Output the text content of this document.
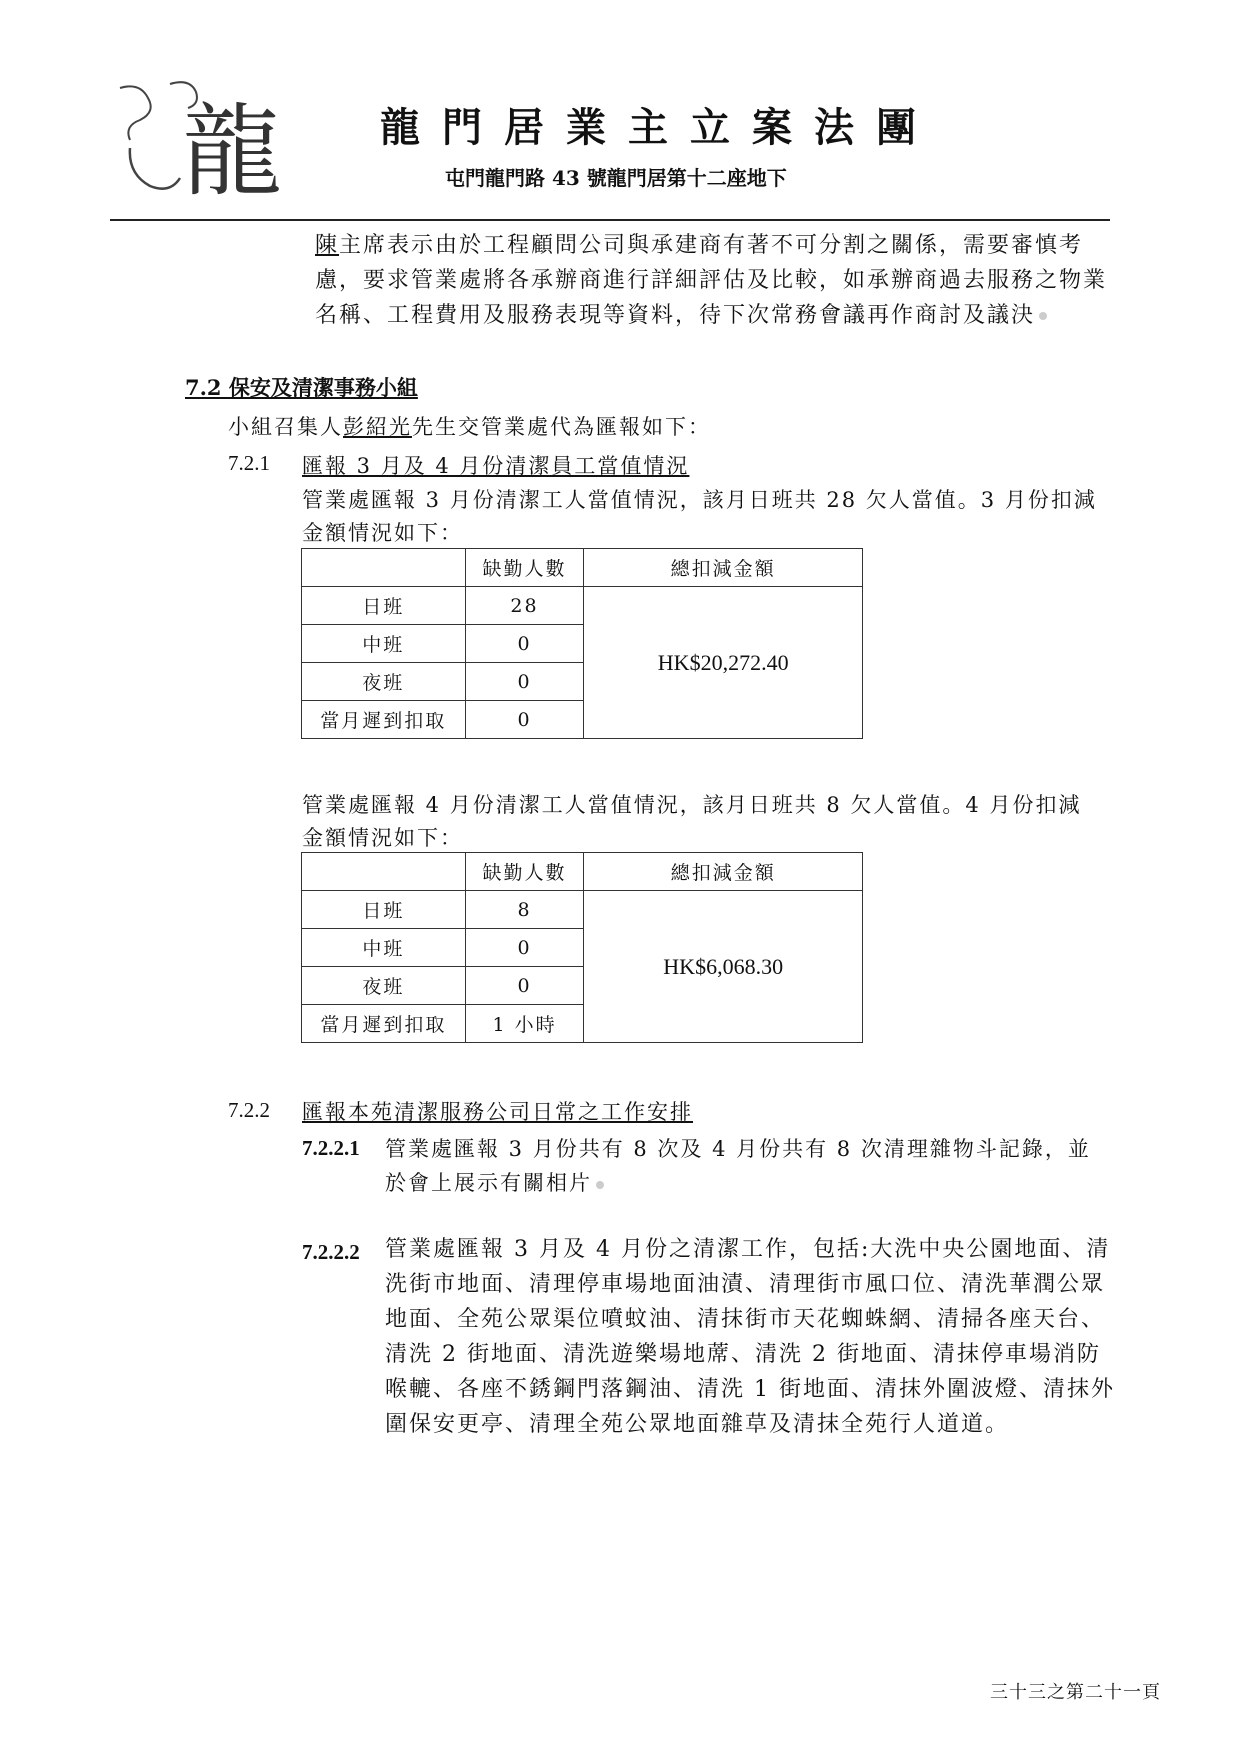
龍 龍門居業主立案法團
屯門龍門路 43 號龍門居第十二座地下
陳主席表示由於工程顧問公司與承建商有著不可分割之關係，需要審慎考慮，要求管業處將各承辦商進行詳細評估及比較，如承辦商過去服務之物業名稱、工程費用及服務表現等資料，待下次常務會議再作商討及議決
7.2 保安及清潔事務小組
小組召集人彭紹光先生交管業處代為匯報如下：
7.2.1 匯報 3 月及 4 月份清潔員工當值情況
管業處匯報 3 月份清潔工人當值情況，該月日班共 28 欠人當值。3 月份扣減
金額情況如下：
	缺勤人數	總扣減金額
日班	28	HK$20,272.40
中班	0	
夜班	0	
當月遲到扣取	0	
管業處匯報 4 月份清潔工人當值情況，該月日班共 8 欠人當值。4 月份扣減
金額情況如下：
	缺勤人數	總扣減金額
日班	8	HK$6,068.30
中班	0	
夜班	0	
當月遲到扣取	1 小時	
7.2.2 匯報本苑清潔服務公司日常之工作安排
7.2.2.1 管業處匯報 3 月份共有 8 次及 4 月份共有 8 次清理雜物斗記錄，並
於會上展示有關相片
7.2.2.2 管業處匯報 3 月及 4 月份之清潔工作，包括:大洗中央公園地面、清洗街市地面、清理停車場地面油漬、清理街市風口位、清洗華潤公眾地面、全苑公眾渠位噴蚊油、清抹街市天花蜘蛛網、清掃各座天台、清洗 2 街地面、清洗遊樂場地蓆、清洗 2 街地面、清抹停車場消防喉轆、各座不銹鋼門落鋼油、清洗 1 街地面、清抹外圍波燈、清抹外圍保安更亭、清理全苑公眾地面雜草及清抹全苑行人道道。
三十三之第二十一頁
